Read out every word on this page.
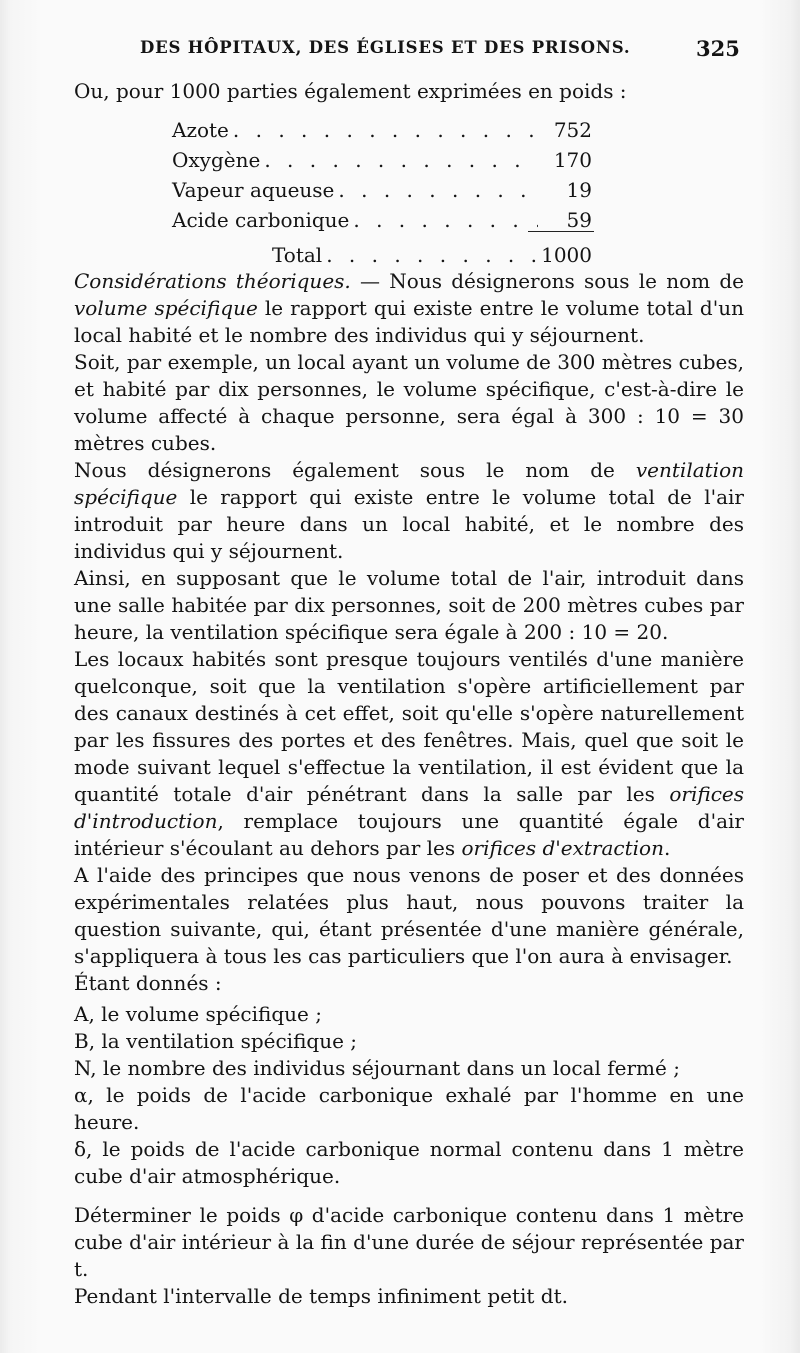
DES HÔPITAUX, DES ÉGLISES ET DES PRISONS.	325

Ou, pour 1000 parties également exprimées en poids :

Azote . . .	752
Oxygène . . .	170
Vapeur aqueuse . . .	19
Acide carbonique . . .	59
Total . . .	1000

Considérations théoriques. — Nous désignerons sous le nom de volume spécifique le rapport qui existe entre le volume total d'un local habité et le nombre des individus qui y séjournent.

Soit, par exemple, un local ayant un volume de 300 mètres cubes, et habité par dix personnes, le volume spécifique, c'est-à-dire le volume affecté à chaque personne, sera égal à 300 : 10 = 30 mètres cubes.

Nous désignerons également sous le nom de ventilation spécifique le rapport qui existe entre le volume total de l'air introduit par heure dans un local habité, et le nombre des individus qui y séjournent.

Ainsi, en supposant que le volume total de l'air, introduit dans une salle habitée par dix personnes, soit de 200 mètres cubes par heure, la ventilation spécifique sera égale à 200 : 10 = 20.

Les locaux habités sont presque toujours ventilés d'une manière quelconque, soit que la ventilation s'opère artificiellement par des canaux destinés à cet effet, soit qu'elle s'opère naturellement par les fissures des portes et des fenêtres. Mais, quel que soit le mode suivant lequel s'effectue la ventilation, il est évident que la quantité totale d'air pénétrant dans la salle par les orifices d'introduction, remplace toujours une quantité égale d'air intérieur s'écoulant au dehors par les orifices d'extraction.

A l'aide des principes que nous venons de poser et des données expérimentales relatées plus haut, nous pouvons traiter la question suivante, qui, étant présentée d'une manière générale, s'appliquera à tous les cas particuliers que l'on aura à envisager.

Étant donnés :

A, le volume spécifique ;

B, la ventilation spécifique ;

N, le nombre des individus séjournant dans un local fermé ;

α, le poids de l'acide carbonique exhalé par l'homme en une heure.

δ, le poids de l'acide carbonique normal contenu dans 1 mètre cube d'air atmosphérique.

Déterminer le poids φ d'acide carbonique contenu dans 1 mètre cube d'air intérieur à la fin d'une durée de séjour représentée par t.

Pendant l'intervalle de temps infiniment petit dt.
